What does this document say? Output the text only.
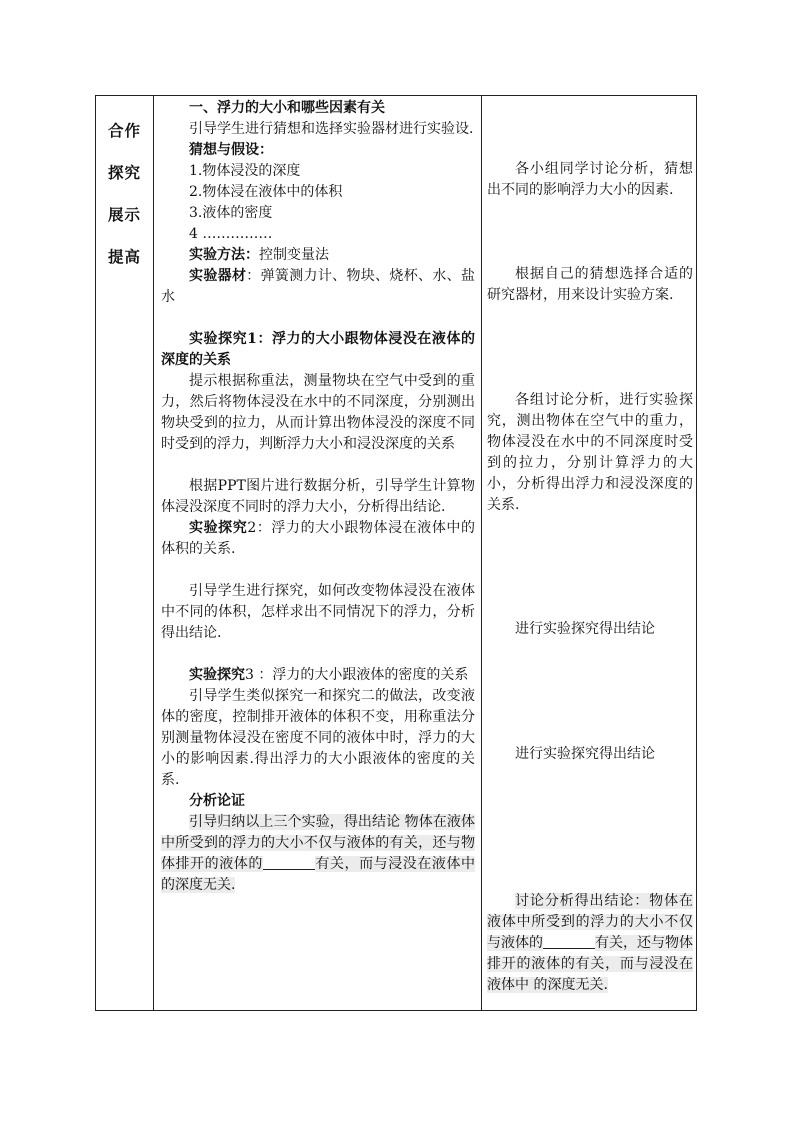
合作
探究
展示
提高

一、浮力的大小和哪些因素有关

引导学生进行猜想和选择实验器材进行实验设.

猜想与假设：

1.物体浸没的深度

2.物体浸在液体中的体积

3.液体的密度

4 ……………

实验方法：控制变量法

实验器材：弹簧测力计、物块、烧杯、水、盐水

实验探究1：浮力的大小跟物体浸没在液体的深度的关系

提示根据称重法，测量物块在空气中受到的重力，然后将物体浸没在水中的不同深度，分别测出物块受到的拉力，从而计算出物体浸没的深度不同时受到的浮力，判断浮力大小和浸没深度的关系

根据PPT图片进行数据分析，引导学生计算物体浸没深度不同时的浮力大小，分析得出结论.

实验探究2：浮力的大小跟物体浸在液体中的体积的关系.

引导学生进行探究，如何改变物体浸没在液体中不同的体积，怎样求出不同情况下的浮力，分析得出结论.

实验探究3 ：浮力的大小跟液体的密度的关系

引导学生类似探究一和探究二的做法，改变液体的密度，控制排开液体的体积不变，用称重法分别测量物体浸没在密度不同的液体中时，浮力的大小的影响因素.得出浮力的大小跟液体的密度的关系.

分析论证

引导归纳以上三个实验，得出结论 物体在液体中所受到的浮力的大小不仅与液体的有关，还与物体排开的液体的	有关，而与浸没在液体中 的深度无关.

各小组同学讨论分析，猜想出不同的影响浮力大小的因素.

根据自己的猜想选择合适的研究器材，用来设计实验方案.

各组讨论分析，进行实验探究，测出物体在空气中的重力，物体浸没在水中的不同深度时受到的拉力，分别计算浮力的大小，分析得出浮力和浸没深度的关系.

进行实验探究得出结论

进行实验探究得出结论

讨论分析得出结论：物体在液体中所受到的浮力的大小不仅与液体的	有关，还与物体排开的液体的有关，而与浸没在液体中 的深度无关.
